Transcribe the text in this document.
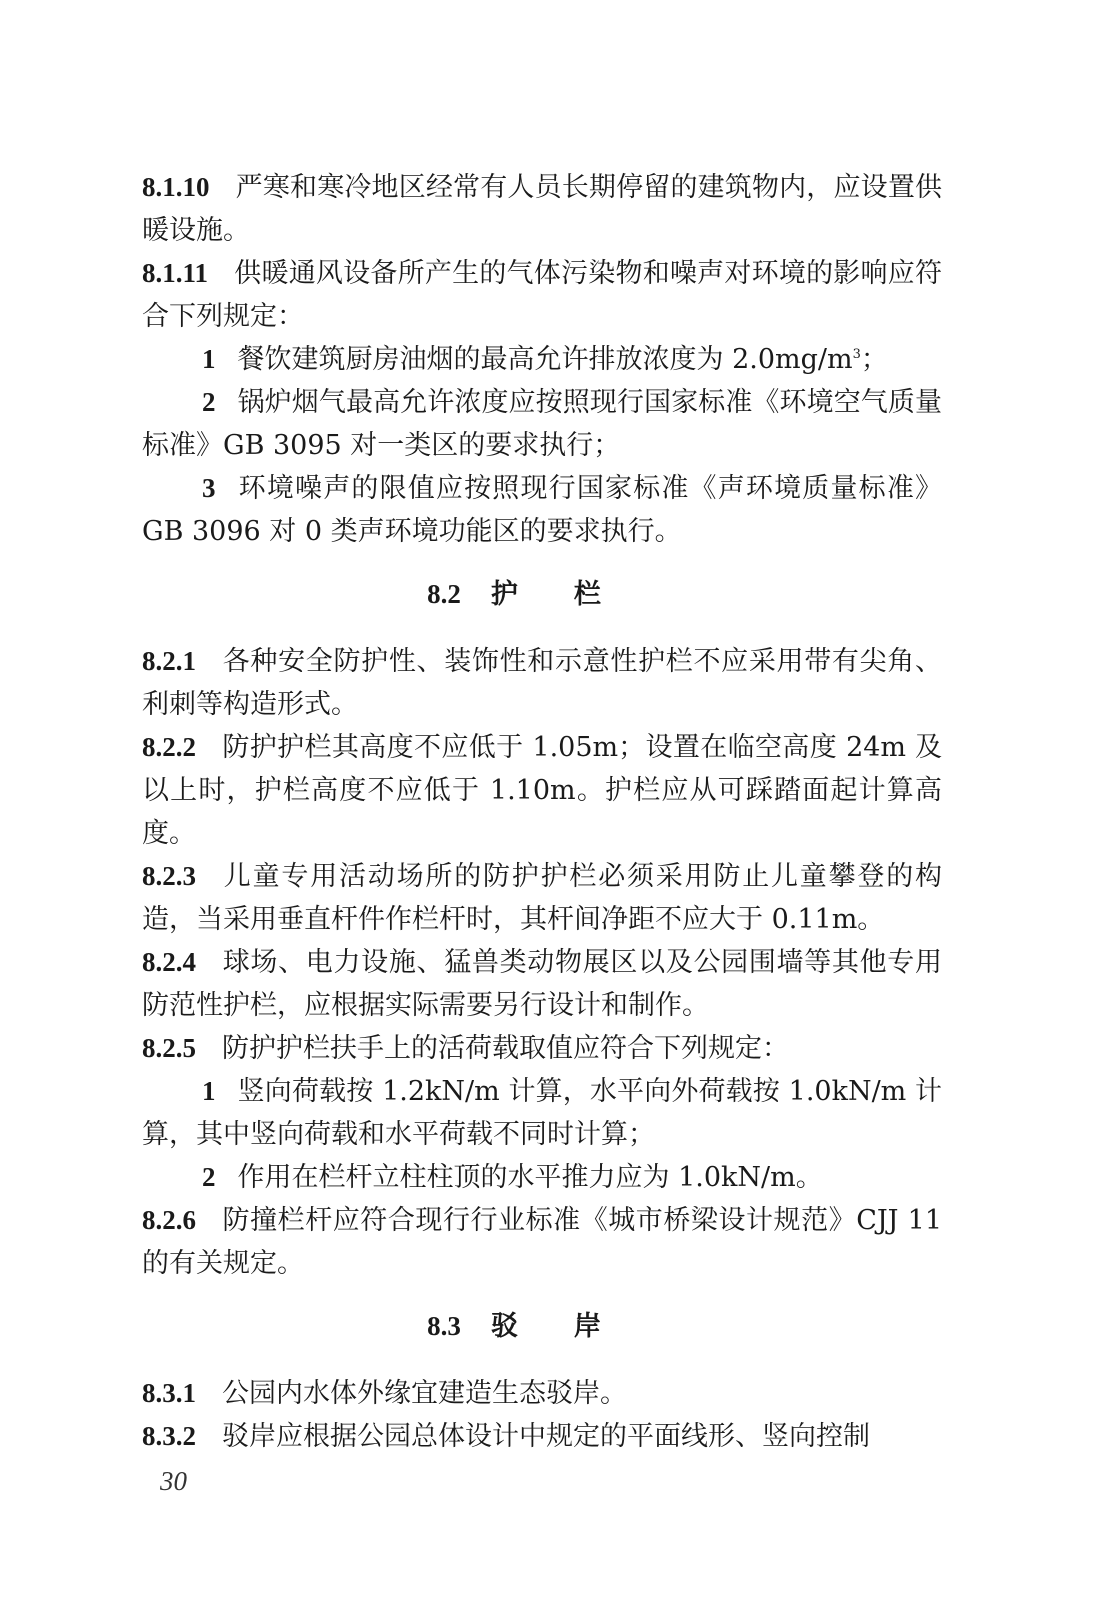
8.1.10 严寒和寒冷地区经常有人员长期停留的建筑物内，应设置供暖设施。

8.1.11 供暖通风设备所产生的气体污染物和噪声对环境的影响应符合下列规定：

1 餐饮建筑厨房油烟的最高允许排放浓度为 $2.0mg/m^3$；

2 锅炉烟气最高允许浓度应按照现行国家标准《环境空气质量标准》GB 3095 对一类区的要求执行；

3 环境噪声的限值应按照现行国家标准《声环境质量标准》GB 3096 对 0 类声环境功能区的要求执行。

8.2 护栏

8.2.1 各种安全防护性、装饰性和示意性护栏不应采用带有尖角、利刺等构造形式。

8.2.2 防护护栏其高度不应低于 1.05m；设置在临空高度 24m 及以上时，护栏高度不应低于 1.10m。护栏应从可踩踏面起计算高度。

8.2.3 儿童专用活动场所的防护护栏必须采用防止儿童攀登的构造，当采用垂直杆件作栏杆时，其杆间净距不应大于 0.11m。

8.2.4 球场、电力设施、猛兽类动物展区以及公园围墙等其他专用防范性护栏，应根据实际需要另行设计和制作。

8.2.5 防护护栏扶手上的活荷载取值应符合下列规定：

1 竖向荷载按 1.2kN/m 计算，水平向外荷载按 1.0kN/m 计算，其中竖向荷载和水平荷载不同时计算；

2 作用在栏杆立柱柱顶的水平推力应为 1.0kN/m。

8.2.6 防撞栏杆应符合现行行业标准《城市桥梁设计规范》CJJ 11 的有关规定。

8.3 驳岸

8.3.1 公园内水体外缘宜建造生态驳岸。

8.3.2 驳岸应根据公园总体设计中规定的平面线形、竖向控制

30
